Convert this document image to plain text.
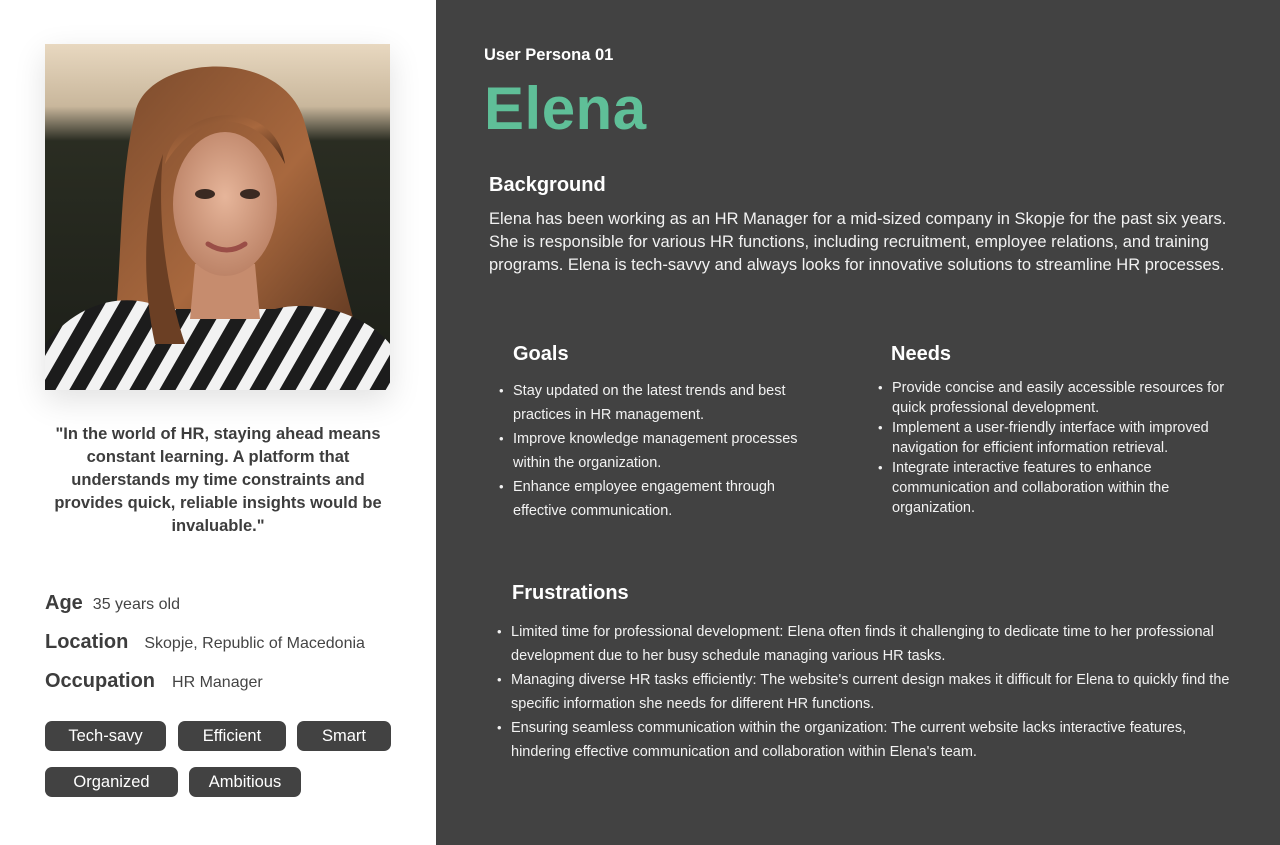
"In the world of HR, staying ahead means constant learning. A platform that understands my time constraints and provides quick, reliable insights would be invaluable."
Age 35 years old
Location Skopje, Republic of Macedonia
Occupation HR Manager
Tech-savy	Efficient	Smart
Organized	Ambitious
User Persona 01
Elena
Background
Elena has been working as an HR Manager for a mid-sized company in Skopje for the past six years. She is responsible for various HR functions, including recruitment, employee relations, and training programs. Elena is tech-savvy and always looks for innovative solutions to streamline HR processes.
Goals
• Stay updated on the latest trends and best practices in HR management.
• Improve knowledge management processes within the organization.
• Enhance employee engagement through effective communication.
Needs
• Provide concise and easily accessible resources for quick professional development.
• Implement a user-friendly interface with improved navigation for efficient information retrieval.
• Integrate interactive features to enhance communication and collaboration within the organization.
Frustrations
• Limited time for professional development: Elena often finds it challenging to dedicate time to her professional development due to her busy schedule managing various HR tasks.
• Managing diverse HR tasks efficiently: The website's current design makes it difficult for Elena to quickly find the specific information she needs for different HR functions.
• Ensuring seamless communication within the organization: The current website lacks interactive features, hindering effective communication and collaboration within Elena's team.
